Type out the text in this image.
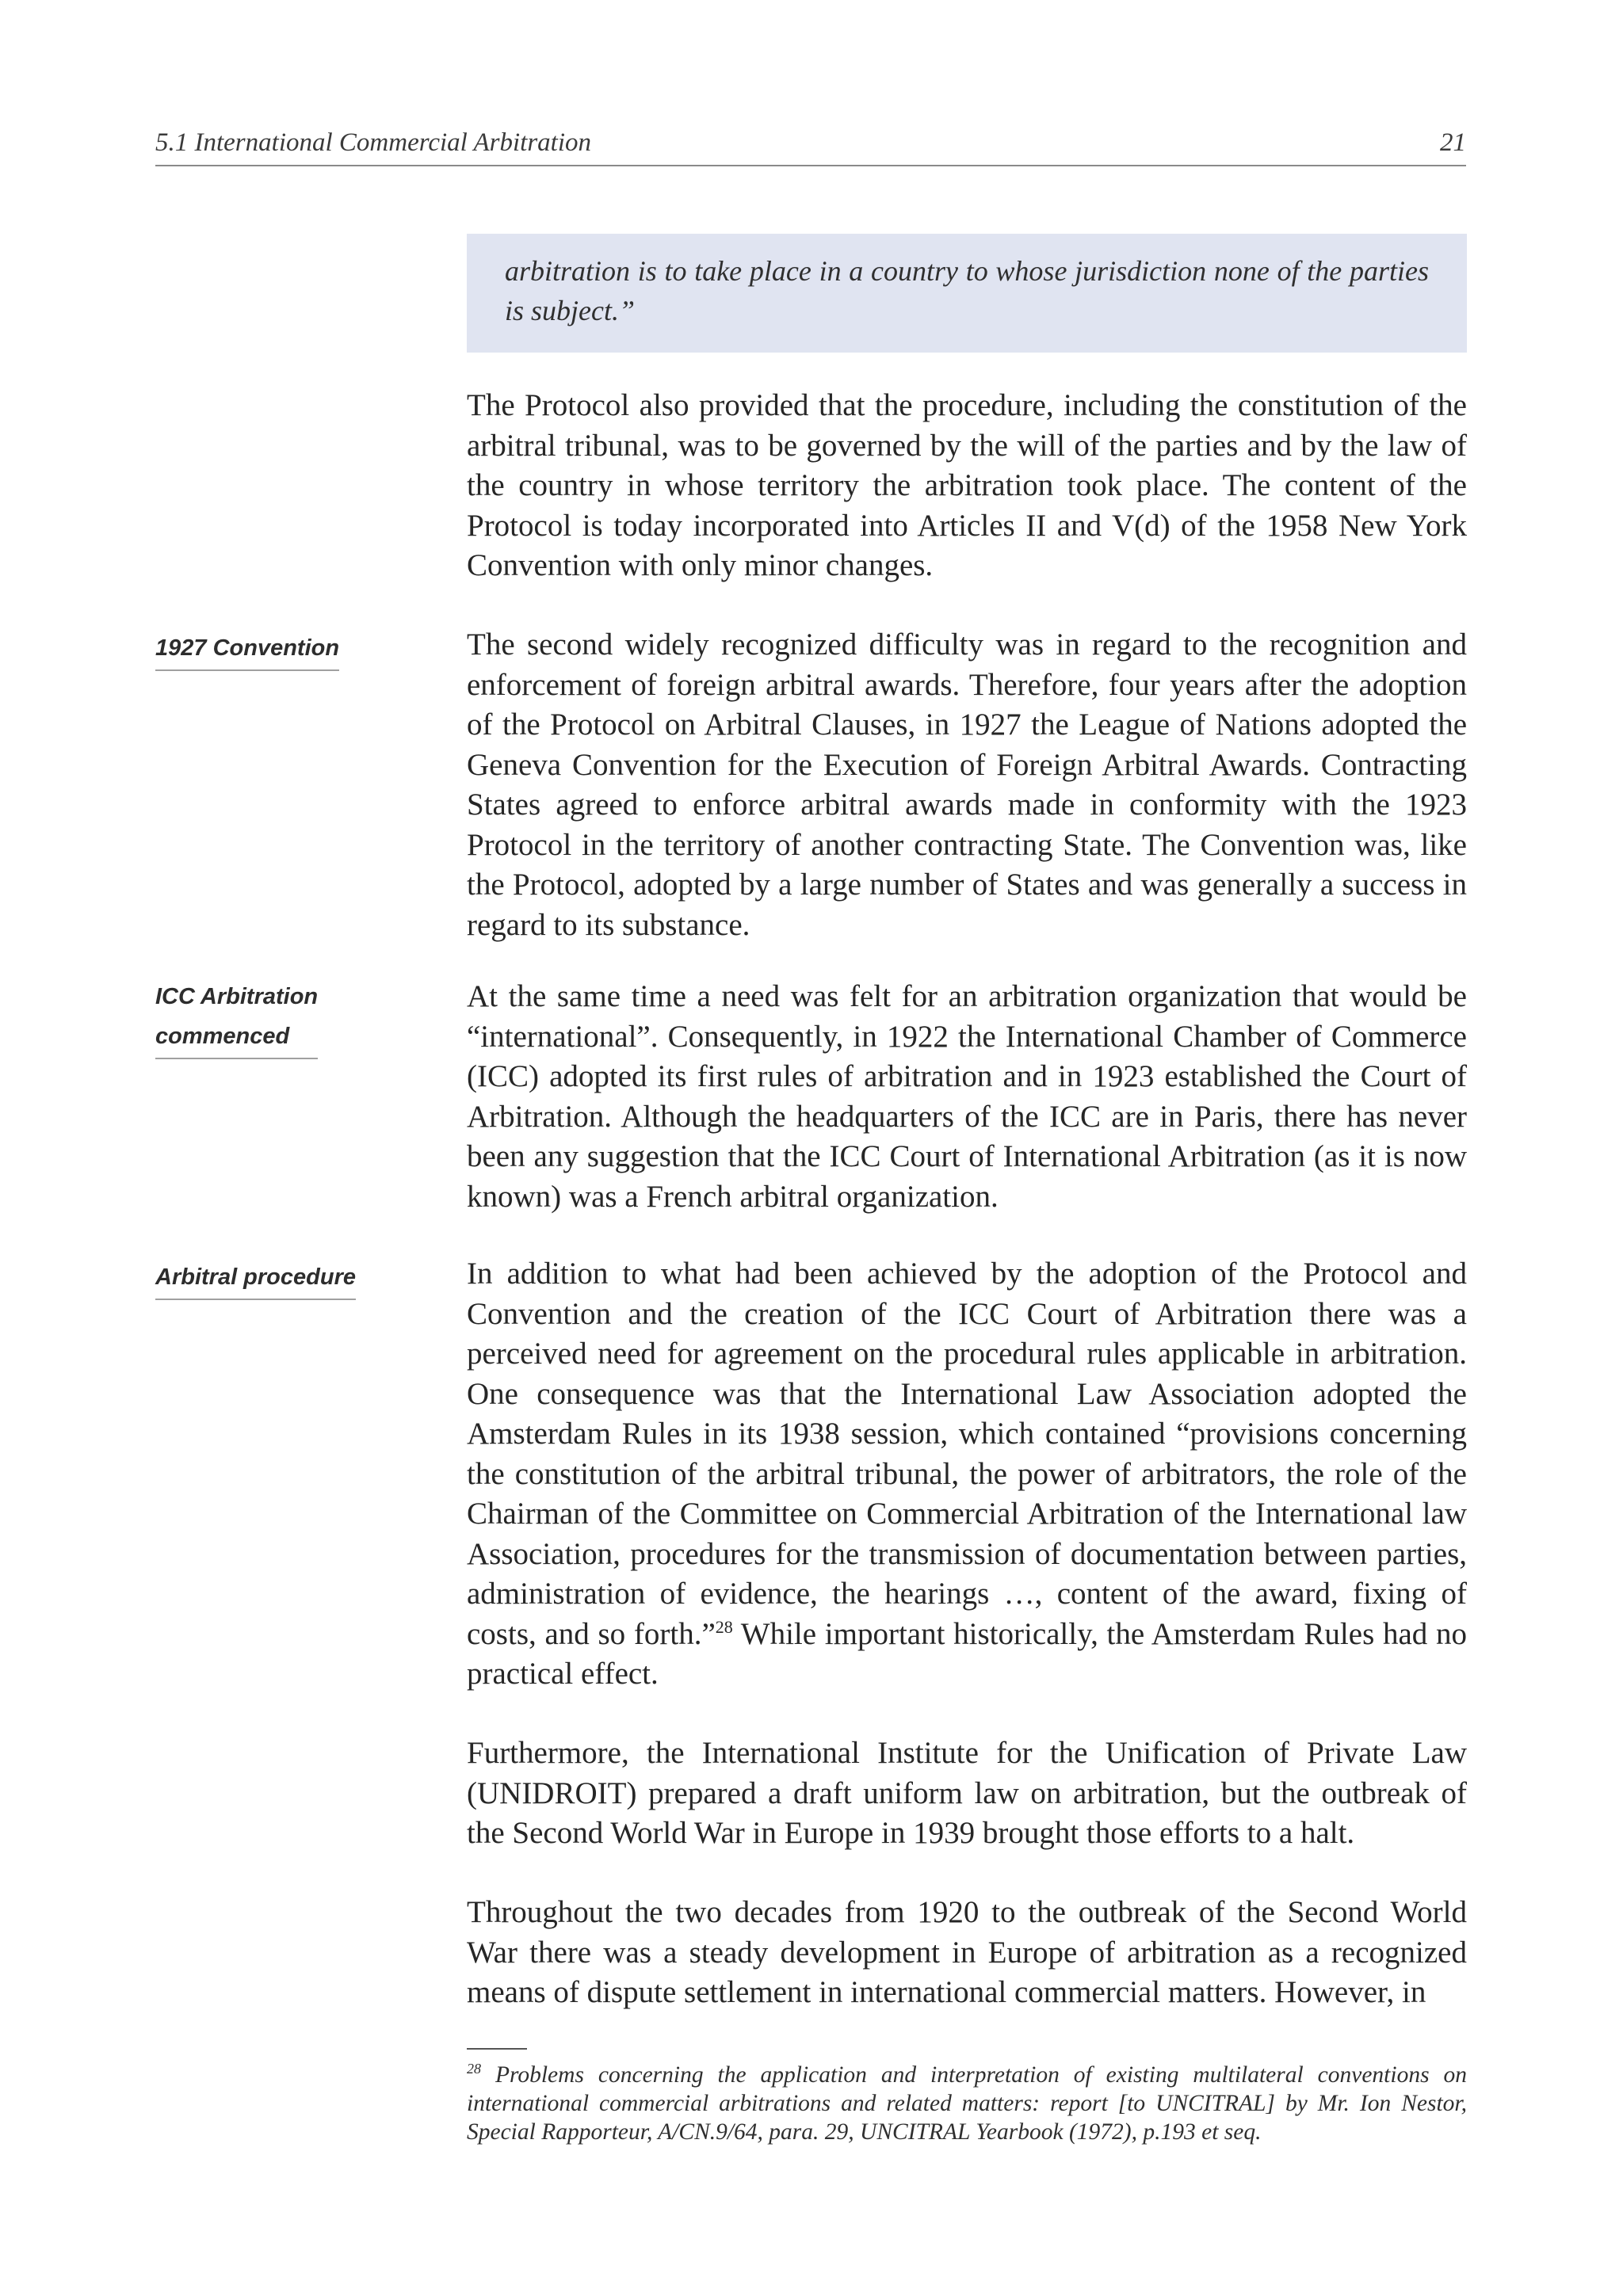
5.1 International Commercial Arbitration	21
arbitration is to take place in a country to whose jurisdiction none of the parties is subject.”

The Protocol also provided that the procedure, including the constitution of the arbitral tribunal, was to be governed by the will of the parties and by the law of the country in whose territory the arbitration took place. The content of the Protocol is today incorporated into Articles II and V(d) of the 1958 New York Convention with only minor changes.

1927 Convention	The second widely recognized difficulty was in regard to the recognition and enforcement of foreign arbitral awards. Therefore, four years after the adoption of the Protocol on Arbitral Clauses, in 1927 the League of Nations adopted the Geneva Convention for the Execution of Foreign Arbitral Awards. Contracting States agreed to enforce arbitral awards made in conformity with the 1923 Protocol in the territory of another contracting State. The Convention was, like the Protocol, adopted by a large number of States and was generally a success in regard to its substance.

ICC Arbitration
commenced

At the same time a need was felt for an arbitration organization that would be “international”. Consequently, in 1922 the International Chamber of Commerce (ICC) adopted its first rules of arbitration and in 1923 established the Court of Arbitration. Although the headquarters of the ICC are in Paris, there has never been any suggestion that the ICC Court of International Arbitration (as it is now known) was a French arbitral organization.

Arbitral procedure	In addition to what had been achieved by the adoption of the Protocol and Convention and the creation of the ICC Court of Arbitration there was a perceived need for agreement on the procedural rules applicable in arbitration. One consequence was that the International Law Association adopted the Amsterdam Rules in its 1938 session, which contained “provisions concerning the constitution of the arbitral tribunal, the power of arbitrators, the role of the Chairman of the Committee on Commercial Arbitration of the International law Association, procedures for the transmission of documentation between parties, administration of evidence, the hearings …, content of the award, fixing of costs, and so forth.”$^{28}$ While important historically, the Amsterdam Rules had no practical effect.

Furthermore, the International Institute for the Unification of Private Law (UNIDROIT) prepared a draft uniform law on arbitration, but the outbreak of the Second World War in Europe in 1939 brought those efforts to a halt.

Throughout the two decades from 1920 to the outbreak of the Second World War there was a steady development in Europe of arbitration as a recognized means of dispute settlement in international commercial matters. However, in

$^{28}$ Problems concerning the application and interpretation of existing multilateral conventions on international commercial arbitrations and related matters: report [to UNCITRAL] by Mr. Ion Nestor, Special Rapporteur, A/CN.9/64, para. 29, UNCITRAL Yearbook (1972), p.193 et seq.
